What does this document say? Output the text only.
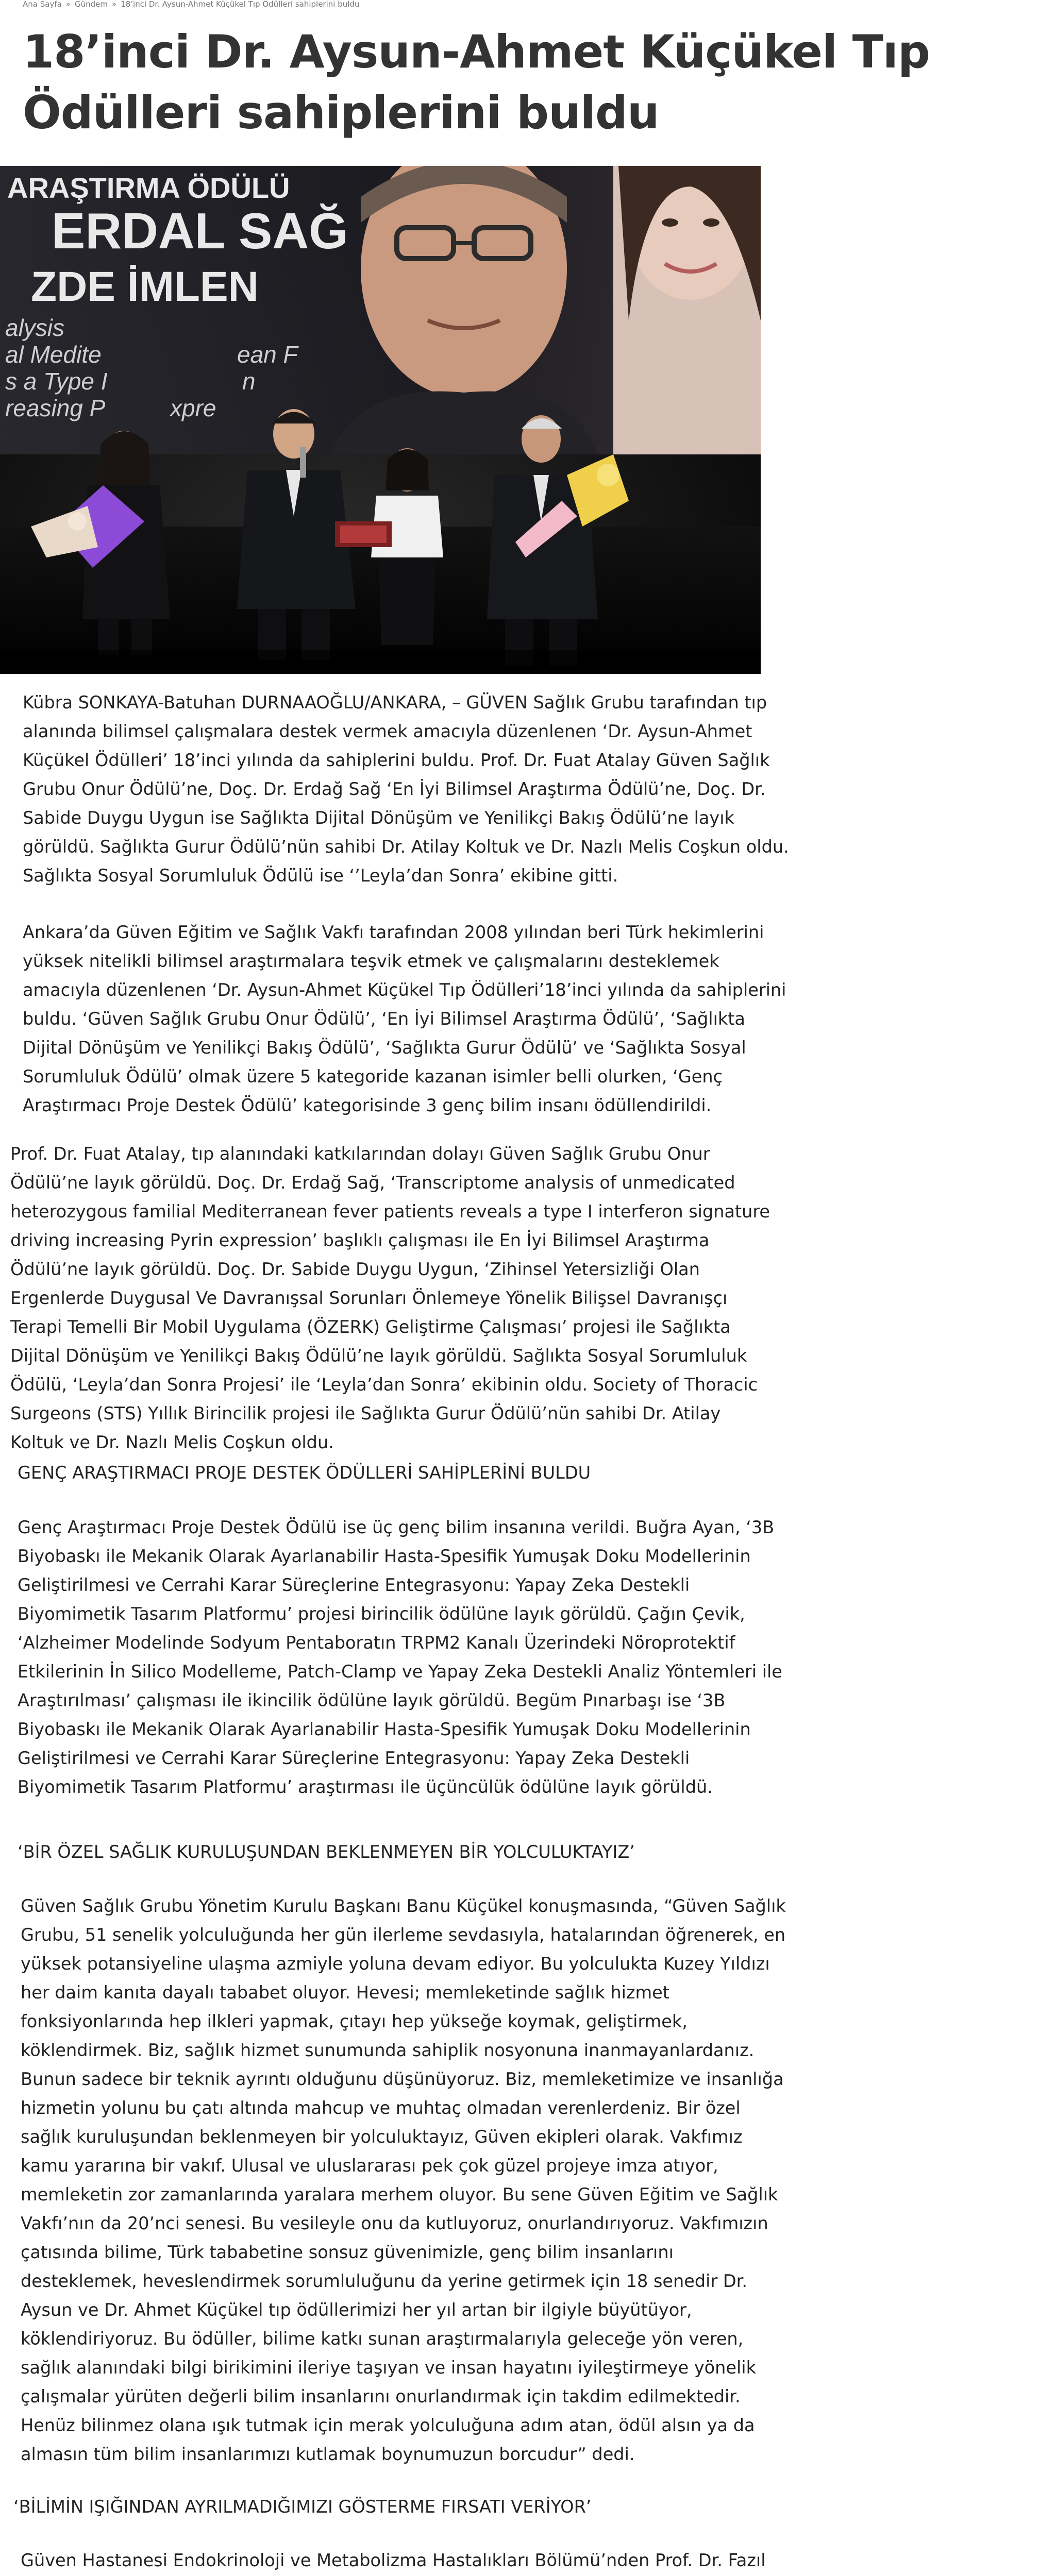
Ana Sayfa » Gündem » 18’inci Dr. Aysun-Ahmet Küçükel Tıp Ödülleri sahiplerini buldu
18’inci Dr. Aysun-Ahmet Küçükel Tıp Ödülleri sahiplerini buldu
ARAŞTIRMA ÖDÜLÜ
ERDAL SAĞ
ZDE İMLEN
alysis
al Medite
s a Type I
reasing P	xpre
ean F
n

Kübra SONKAYA-Batuhan DURNAAOĞLU/ANKARA, – GÜVEN Sağlık Grubu tarafından tıp alanında bilimsel çalışmalara destek vermek amacıyla düzenlenen ‘Dr. Aysun-Ahmet Küçükel Ödülleri’ 18’inci yılında da sahiplerini buldu. Prof. Dr. Fuat Atalay Güven Sağlık Grubu Onur Ödülü’ne, Doç. Dr. Erdağ Sağ ‘En İyi Bilimsel Araştırma Ödülü’ne, Doç. Dr. Sabide Duygu Uygun ise Sağlıkta Dijital Dönüşüm ve Yenilikçi Bakış Ödülü’ne layık görüldü. Sağlıkta Gurur Ödülü’nün sahibi Dr. Atilay Koltuk ve Dr. Nazlı Melis Coşkun oldu. Sağlıkta Sosyal Sorumluluk Ödülü ise ‘’Leyla’dan Sonra’ ekibine gitti.

Ankara’da Güven Eğitim ve Sağlık Vakfı tarafından 2008 yılından beri Türk hekimlerini yüksek nitelikli bilimsel araştırmalara teşvik etmek ve çalışmalarını desteklemek amacıyla düzenlenen ‘Dr. Aysun-Ahmet Küçükel Tıp Ödülleri’18’inci yılında da sahiplerini buldu. ‘Güven Sağlık Grubu Onur Ödülü’, ‘En İyi Bilimsel Araştırma Ödülü’, ‘Sağlıkta Dijital Dönüşüm ve Yenilikçi Bakış Ödülü’, ‘Sağlıkta Gurur Ödülü’ ve ‘Sağlıkta Sosyal Sorumluluk Ödülü’ olmak üzere 5 kategoride kazanan isimler belli olurken, ‘Genç Araştırmacı Proje Destek Ödülü’ kategorisinde 3 genç bilim insanı ödüllendirildi.

Prof. Dr. Fuat Atalay, tıp alanındaki katkılarından dolayı Güven Sağlık Grubu Onur Ödülü’ne layık görüldü. Doç. Dr. Erdağ Sağ, ‘Transcriptome analysis of unmedicated heterozygous familial Mediterranean fever patients reveals a type I interferon signature driving increasing Pyrin expression’ başlıklı çalışması ile En İyi Bilimsel Araştırma Ödülü’ne layık görüldü. Doç. Dr. Sabide Duygu Uygun, ‘Zihinsel Yetersizliği Olan Ergenlerde Duygusal Ve Davranışsal Sorunları Önlemeye Yönelik Bilişsel Davranışçı Terapi Temelli Bir Mobil Uygulama (ÖZERK) Geliştirme Çalışması’ projesi ile Sağlıkta Dijital Dönüşüm ve Yenilikçi Bakış Ödülü’ne layık görüldü. Sağlıkta Sosyal Sorumluluk Ödülü, ‘Leyla’dan Sonra Projesi’ ile ‘Leyla’dan Sonra’ ekibinin oldu. Society of Thoracic Surgeons (STS) Yıllık Birincilik projesi ile Sağlıkta Gurur Ödülü’nün sahibi Dr. Atilay Koltuk ve Dr. Nazlı Melis Coşkun oldu.

GENÇ ARAŞTIRMACI PROJE DESTEK ÖDÜLLERİ SAHİPLERİNİ BULDU

Genç Araştırmacı Proje Destek Ödülü ise üç genç bilim insanına verildi. Buğra Ayan, ‘3B Biyobaskı ile Mekanik Olarak Ayarlanabilir Hasta-Spesifik Yumuşak Doku Modellerinin Geliştirilmesi ve Cerrahi Karar Süreçlerine Entegrasyonu: Yapay Zeka Destekli Biyomimetik Tasarım Platformu’ projesi birincilik ödülüne layık görüldü. Çağın Çevik, ‘Alzheimer Modelinde Sodyum Pentaboratın TRPM2 Kanalı Üzerindeki Nöroprotektif Etkilerinin İn Silico Modelleme, Patch-Clamp ve Yapay Zeka Destekli Analiz Yöntemleri ile Araştırılması’ çalışması ile ikincilik ödülüne layık görüldü. Begüm Pınarbaşı ise ‘3B Biyobaskı ile Mekanik Olarak Ayarlanabilir Hasta-Spesifik Yumuşak Doku Modellerinin Geliştirilmesi ve Cerrahi Karar Süreçlerine Entegrasyonu: Yapay Zeka Destekli Biyomimetik Tasarım Platformu’ araştırması ile üçüncülük ödülüne layık görüldü.

‘BİR ÖZEL SAĞLIK KURULUŞUNDAN BEKLENMEYEN BİR YOLCULUKTAYIZ’

Güven Sağlık Grubu Yönetim Kurulu Başkanı Banu Küçükel konuşmasında, “Güven Sağlık Grubu, 51 senelik yolculuğunda her gün ilerleme sevdasıyla, hatalarından öğrenerek, en yüksek potansiyeline ulaşma azmiyle yoluna devam ediyor. Bu yolculukta Kuzey Yıldızı her daim kanıta dayalı tababet oluyor. Hevesi; memleketinde sağlık hizmet fonksiyonlarında hep ilkleri yapmak, çıtayı hep yükseğe koymak, geliştirmek, köklendirmek. Biz, sağlık hizmet sunumunda sahiplik nosyonuna inanmayanlardanız. Bunun sadece bir teknik ayrıntı olduğunu düşünüyoruz. Biz, memleketimize ve insanlığa hizmetin yolunu bu çatı altında mahcup ve muhtaç olmadan verenlerdeniz. Bir özel sağlık kuruluşundan beklenmeyen bir yolculuktayız, Güven ekipleri olarak. Vakfımız kamu yararına bir vakıf. Ulusal ve uluslararası pek çok güzel projeye imza atıyor, memleketin zor zamanlarında yaralara merhem oluyor. Bu sene Güven Eğitim ve Sağlık Vakfı’nın da 20’nci senesi. Bu vesileyle onu da kutluyoruz, onurlandırıyoruz. Vakfımızın çatısında bilime, Türk tababetine sonsuz güvenimizle, genç bilim insanlarını desteklemek, heveslendirmek sorumluluğunu da yerine getirmek için 18 senedir Dr. Aysun ve Dr. Ahmet Küçükel tıp ödüllerimizi her yıl artan bir ilgiyle büyütüyor, köklendiriyoruz. Bu ödüller, bilime katkı sunan araştırmalarıyla geleceğe yön veren, sağlık alanındaki bilgi birikimini ileriye taşıyan ve insan hayatını iyileştirmeye yönelik çalışmalar yürüten değerli bilim insanlarını onurlandırmak için takdim edilmektedir. Henüz bilinmez olana ışık tutmak için merak yolculuğuna adım atan, ödül alsın ya da almasın tüm bilim insanlarımızı kutlamak boynumuzun borcudur” dedi.

‘BİLİMİN IŞIĞINDAN AYRILMADIĞIMIZI GÖSTERME FIRSATI VERİYOR’

Güven Hastanesi Endokrinoloji ve Metabolizma Hastalıkları Bölümü’nden Prof. Dr. Fazıl
